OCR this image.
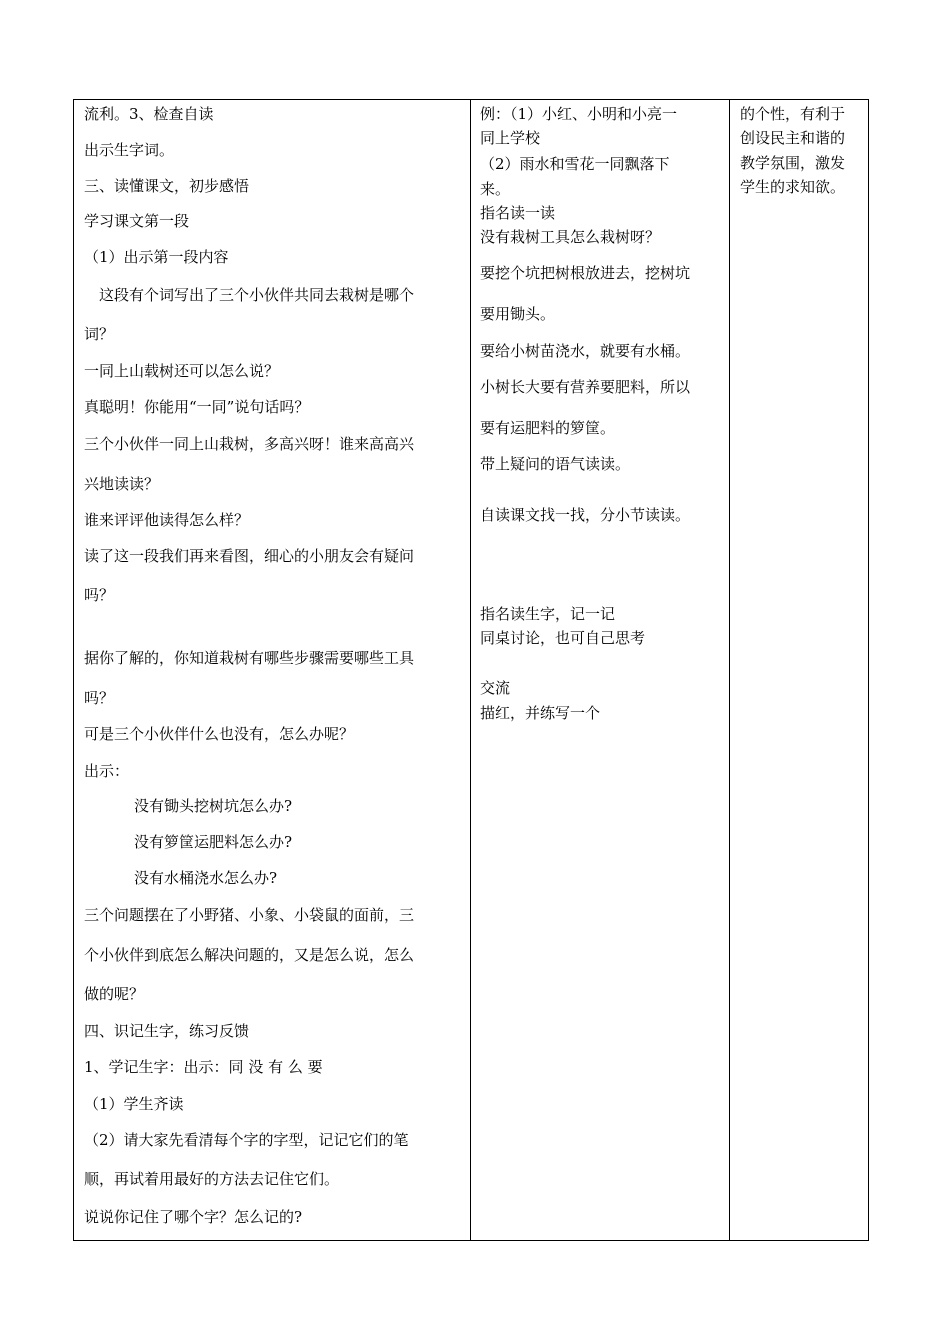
流利。3、检查自读
出示生字词。
三、读懂课文，初步感悟
学习课文第一段
（1）出示第一段内容
这段有个词写出了三个小伙伴共同去栽树是哪个
词？
一同上山载树还可以怎么说？
真聪明！你能用“一同”说句话吗？
三个小伙伴一同上山栽树，多高兴呀！谁来高高兴
兴地读读？
谁来评评他读得怎么样？
读了这一段我们再来看图，细心的小朋友会有疑问
吗？
据你了解的，你知道栽树有哪些步骤需要哪些工具
吗？
可是三个小伙伴什么也没有，怎么办呢？
出示：
没有锄头挖树坑怎么办?
没有箩筐运肥料怎么办?
没有水桶浇水怎么办?
三个问题摆在了小野猪、小象、小袋鼠的面前，三
个小伙伴到底怎么解决问题的，又是怎么说，怎么
做的呢？
四、识记生字，练习反馈
1、学记生字：出示：同 没 有 么 要
（1）学生齐读
（2）请大家先看清每个字的字型，记记它们的笔
顺，再试着用最好的方法去记住它们。
说说你记住了哪个字？怎么记的?
例：（1）小红、小明和小亮一
同上学校
（2）雨水和雪花一同飘落下
来。
指名读一读
没有栽树工具怎么栽树呀？
要挖个坑把树根放进去，挖树坑
要用锄头。
要给小树苗浇水，就要有水桶。
小树长大要有营养要肥料，所以
要有运肥料的箩筐。
带上疑问的语气读读。
自读课文找一找，分小节读读。
指名读生字，记一记
同桌讨论，也可自己思考
交流
描红，并练写一个
的个性，有利于
创设民主和谐的
教学氛围，激发
学生的求知欲。
